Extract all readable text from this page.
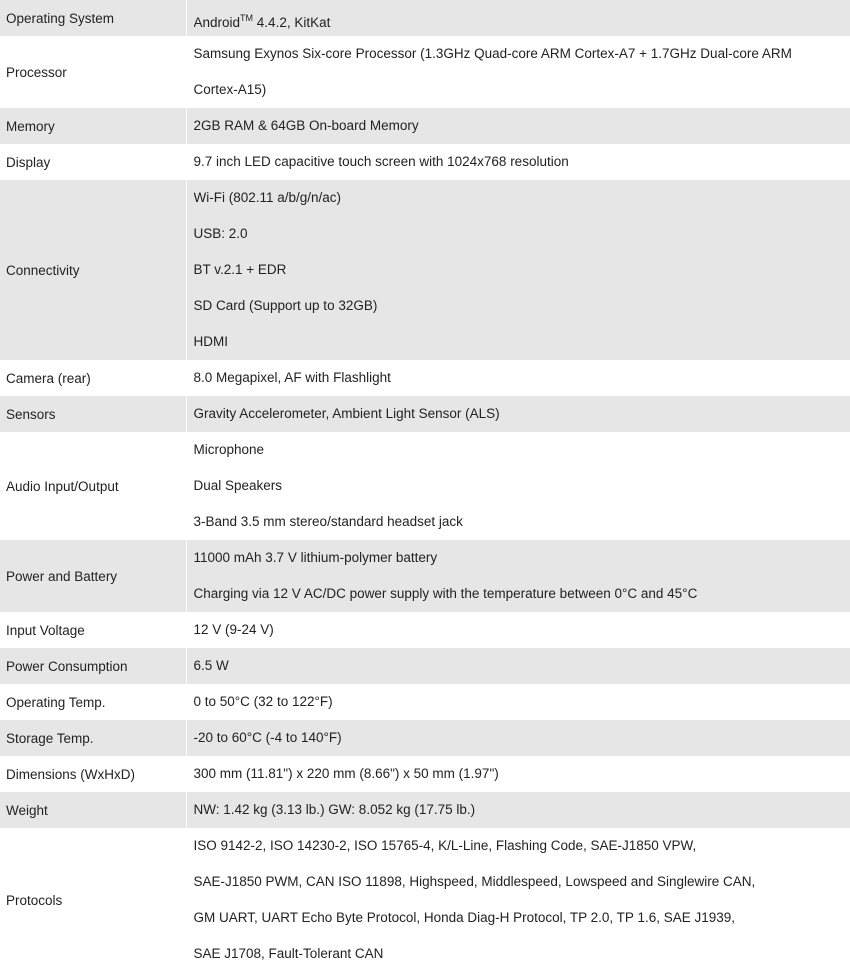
Operating System	Android™ 4.4.2, KitKat

Processor	Samsung Exynos Six-core Processor (1.3GHz Quad-core ARM Cortex-A7 + 1.7GHz Dual-core ARM
Cortex-A15)

Memory	2GB RAM & 64GB On-board Memory

Display	9.7 inch LED capacitive touch screen with 1024x768 resolution

Connectivity	Wi-Fi (802.11 a/b/g/n/ac)
USB: 2.0
BT v.2.1 + EDR
SD Card (Support up to 32GB)
HDMI

Camera (rear)	8.0 Megapixel, AF with Flashlight

Sensors	Gravity Accelerometer, Ambient Light Sensor (ALS)

Audio Input/Output	Microphone
Dual Speakers
3-Band 3.5 mm stereo/standard headset jack

Power and Battery	11000 mAh 3.7 V lithium-polymer battery
Charging via 12 V AC/DC power supply with the temperature between 0°C and 45°C

Input Voltage	12 V (9-24 V)

Power Consumption	6.5 W

Operating Temp.	0 to 50°C (32 to 122°F)

Storage Temp.	-20 to 60°C (-4 to 140°F)

Dimensions (WxHxD)	300 mm (11.81") x 220 mm (8.66") x 50 mm (1.97")

Weight	NW: 1.42 kg (3.13 lb.) GW: 8.052 kg (17.75 lb.)

Protocols	ISO 9142-2, ISO 14230-2, ISO 15765-4, K/L-Line, Flashing Code, SAE-J1850 VPW,
SAE-J1850 PWM, CAN ISO 11898, Highspeed, Middlespeed, Lowspeed and Singlewire CAN,
GM UART, UART Echo Byte Protocol, Honda Diag-H Protocol, TP 2.0, TP 1.6, SAE J1939,
SAE J1708, Fault-Tolerant CAN
